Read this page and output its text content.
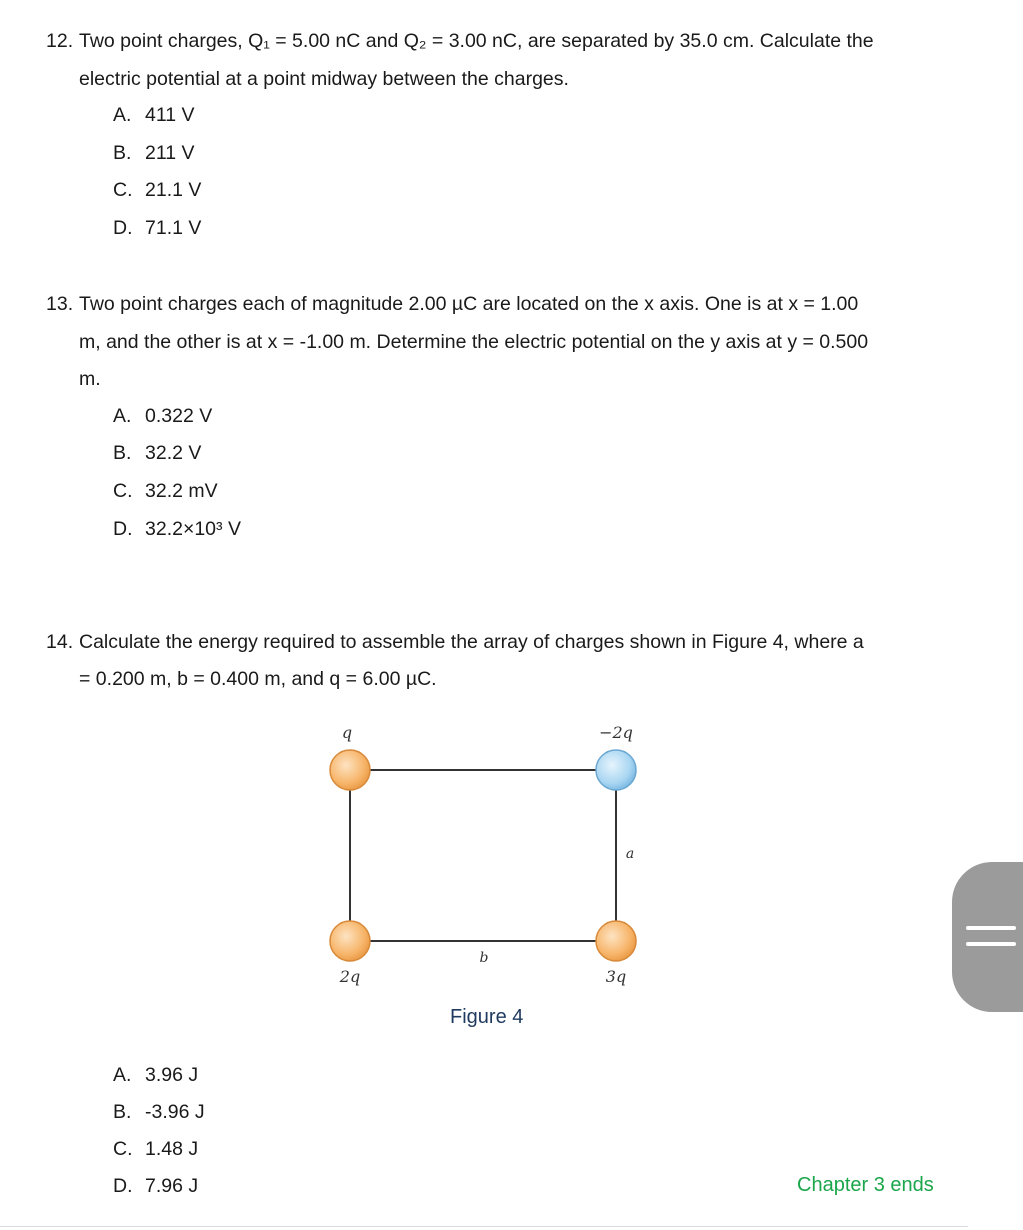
12. Two point charges, Q₁ = 5.00 nC and Q₂ = 3.00 nC, are separated by 35.0 cm. Calculate the
electric potential at a point midway between the charges.
A. 411 V
B. 211 V
C. 21.1 V
D. 71.1 V
13. Two point charges each of magnitude 2.00 µC are located on the x axis. One is at x = 1.00
m, and the other is at x = -1.00 m. Determine the electric potential on the y axis at y = 0.500
m.
A. 0.322 V
B. 32.2 V
C. 32.2 mV
D. 32.2×10³ V
14. Calculate the energy required to assemble the array of charges shown in Figure 4, where a
= 0.200 m, b = 0.400 m, and q = 6.00 µC.
q	−2q
2q	3q
a
b
Figure 4
A. 3.96 J
B. -3.96 J
C. 1.48 J
D. 7.96 J	Chapter 3 ends
